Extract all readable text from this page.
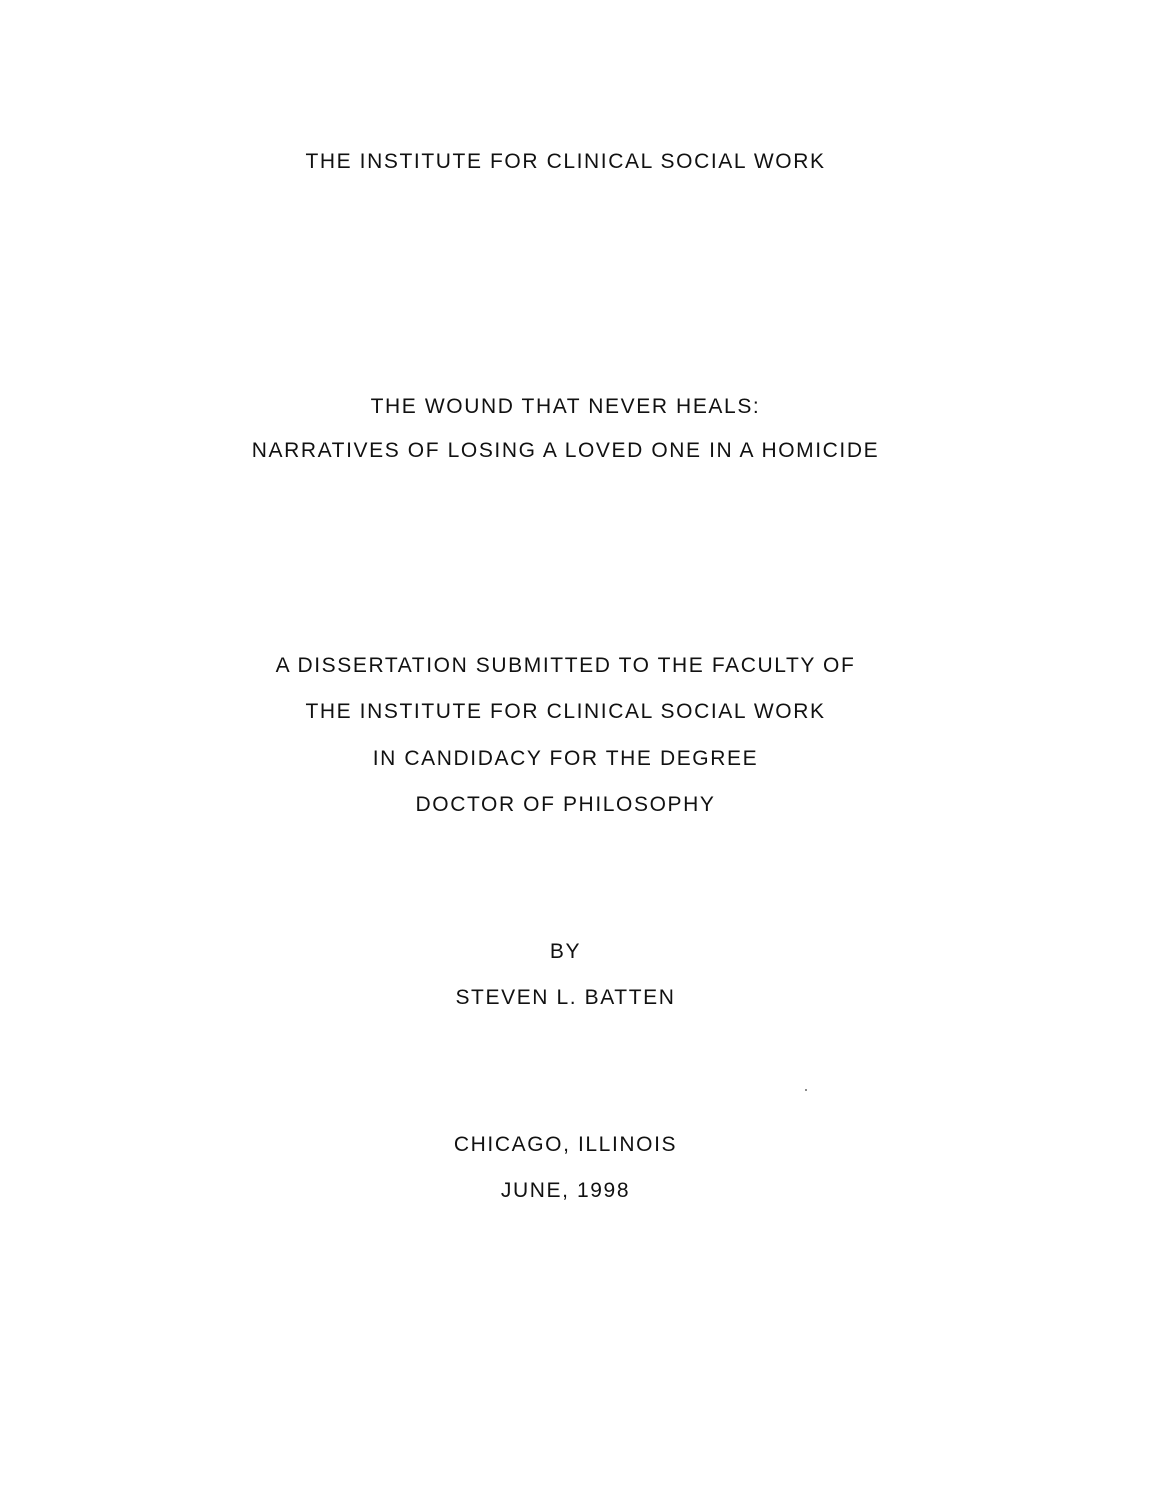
THE INSTITUTE FOR CLINICAL SOCIAL WORK
THE WOUND THAT NEVER HEALS:
NARRATIVES OF LOSING A LOVED ONE IN A HOMICIDE
A DISSERTATION SUBMITTED TO THE FACULTY OF
THE INSTITUTE FOR CLINICAL SOCIAL WORK
IN CANDIDACY FOR THE DEGREE
DOCTOR OF PHILOSOPHY
BY
STEVEN L. BATTEN
CHICAGO, ILLINOIS
JUNE, 1998
